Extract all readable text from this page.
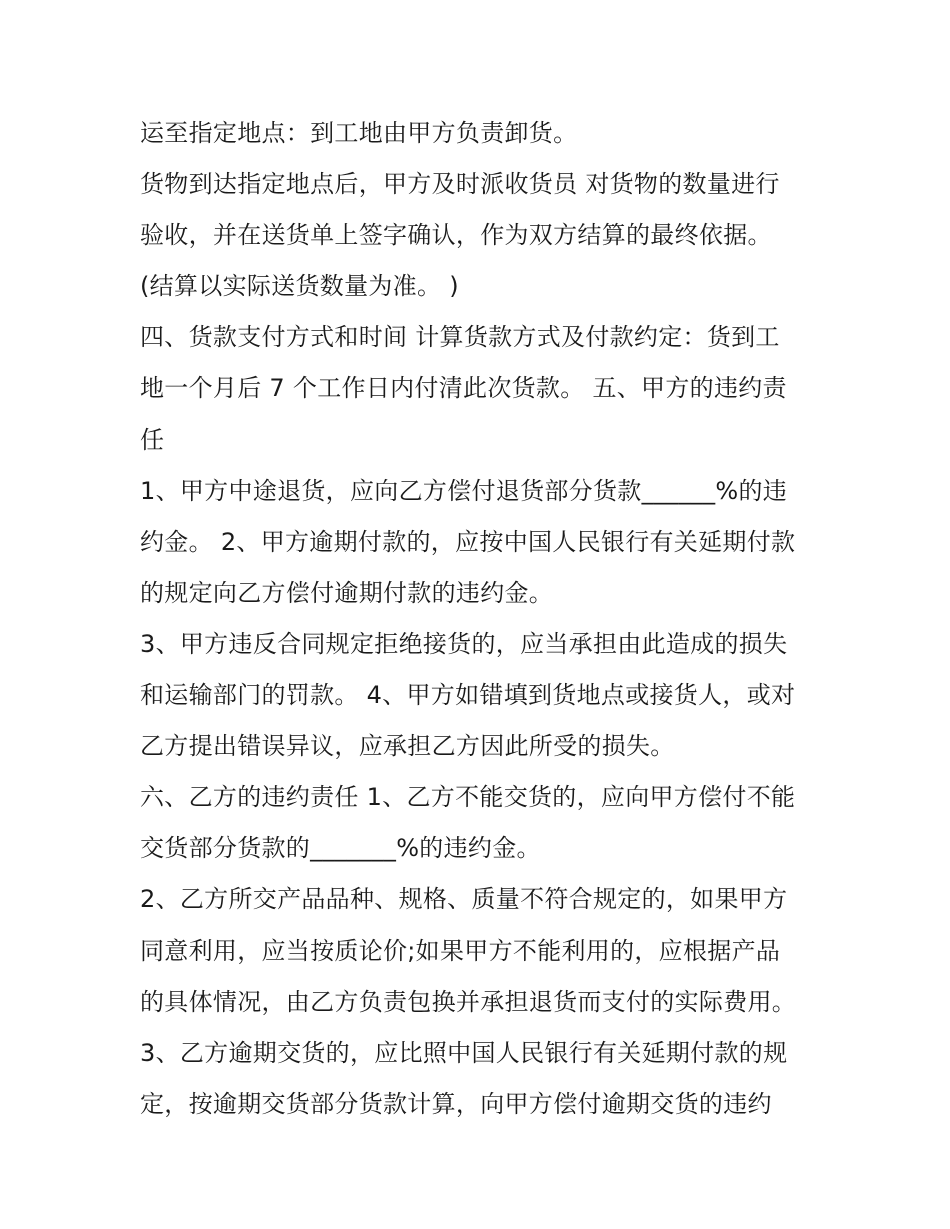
运至指定地点：到工地由甲方负责卸货。
货物到达指定地点后，甲方及时派收货员 对货物的数量进行
验收，并在送货单上签字确认，作为双方结算的最终依据。
(结算以实际送货数量为准。 )
四、货款支付方式和时间 计算货款方式及付款约定：货到工
地一个月后 7 个工作日内付清此次货款。 五、甲方的违约责
任
1、甲方中途退货，应向乙方偿付退货部分货款______%的违
约金。 2、甲方逾期付款的，应按中国人民银行有关延期付款
的规定向乙方偿付逾期付款的违约金。
3、甲方违反合同规定拒绝接货的，应当承担由此造成的损失
和运输部门的罚款。 4、甲方如错填到货地点或接货人，或对
乙方提出错误异议，应承担乙方因此所受的损失。
六、乙方的违约责任 1、乙方不能交货的，应向甲方偿付不能
交货部分货款的_______%的违约金。
2、乙方所交产品品种、规格、质量不符合规定的，如果甲方
同意利用，应当按质论价;如果甲方不能利用的，应根据产品
的具体情况，由乙方负责包换并承担退货而支付的实际费用。
3、乙方逾期交货的，应比照中国人民银行有关延期付款的规
定，按逾期交货部分货款计算，向甲方偿付逾期交货的违约
